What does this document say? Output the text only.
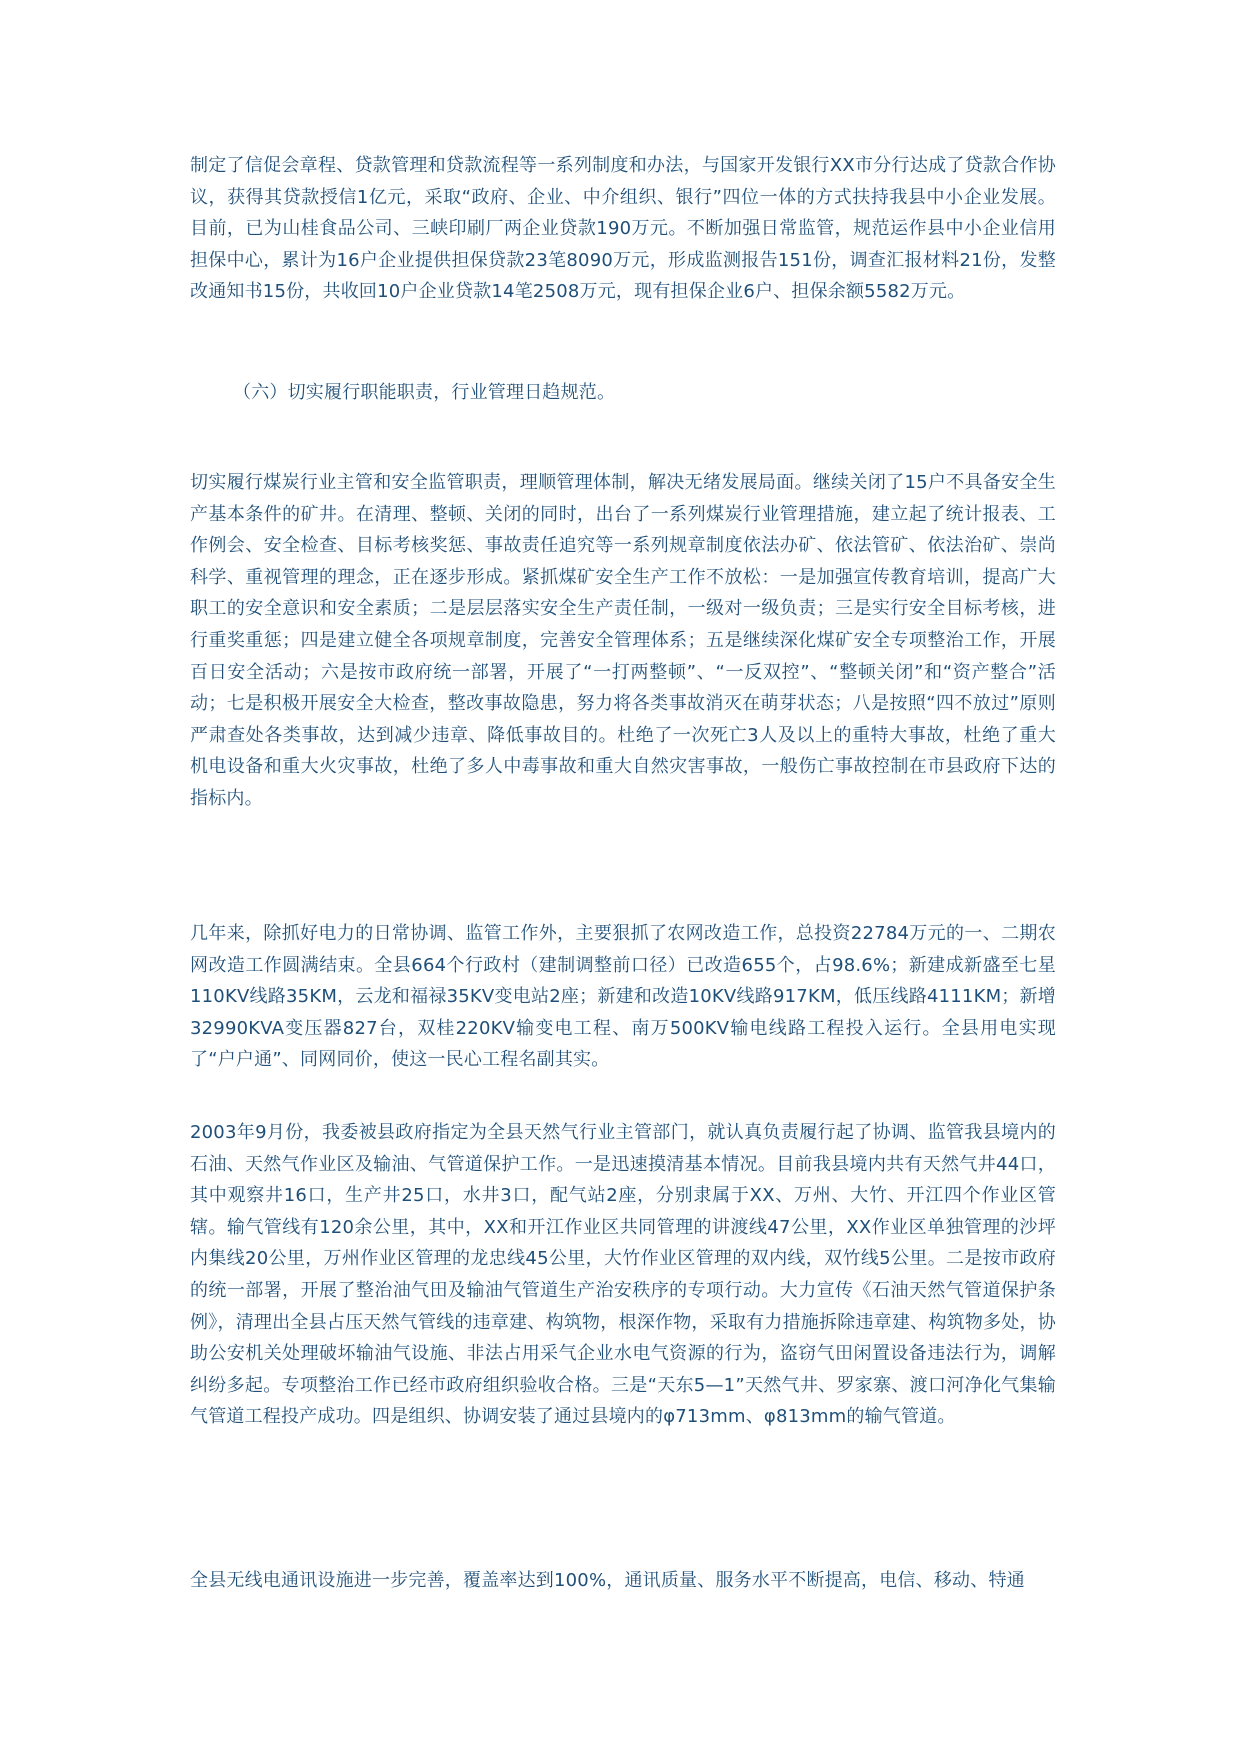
制定了信促会章程、贷款管理和贷款流程等一系列制度和办法，与国家开发银行XX市分行达成了贷款合作协议，获得其贷款授信1亿元，采取“政府、企业、中介组织、银行”四位一体的方式扶持我县中小企业发展。目前，已为山桂食品公司、三峡印刷厂两企业贷款190万元。不断加强日常监管，规范运作县中小企业信用担保中心，累计为16户企业提供担保贷款23笔8090万元，形成监测报告151份，调查汇报材料21份，发整改通知书15份，共收回10户企业贷款14笔2508万元，现有担保企业6户、担保余额5582万元。

（六）切实履行职能职责，行业管理日趋规范。

切实履行煤炭行业主管和安全监管职责，理顺管理体制，解决无绪发展局面。继续关闭了15户不具备安全生产基本条件的矿井。在清理、整顿、关闭的同时，出台了一系列煤炭行业管理措施，建立起了统计报表、工作例会、安全检查、目标考核奖惩、事故责任追究等一系列规章制度依法办矿、依法管矿、依法治矿、崇尚科学、重视管理的理念，正在逐步形成。紧抓煤矿安全生产工作不放松：一是加强宣传教育培训，提高广大职工的安全意识和安全素质；二是层层落实安全生产责任制，一级对一级负责；三是实行安全目标考核，进行重奖重惩；四是建立健全各项规章制度，完善安全管理体系；五是继续深化煤矿安全专项整治工作，开展百日安全活动；六是按市政府统一部署，开展了“一打两整顿”、“一反双控”、“整顿关闭”和“资产整合”活动；七是积极开展安全大检查，整改事故隐患，努力将各类事故消灭在萌芽状态；八是按照“四不放过”原则严肃查处各类事故，达到减少违章、降低事故目的。杜绝了一次死亡3人及以上的重特大事故，杜绝了重大机电设备和重大火灾事故，杜绝了多人中毒事故和重大自然灾害事故，一般伤亡事故控制在市县政府下达的指标内。

几年来，除抓好电力的日常协调、监管工作外，主要狠抓了农网改造工作，总投资22784万元的一、二期农网改造工作圆满结束。全县664个行政村（建制调整前口径）已改造655个，占98.6%；新建成新盛至七星110KV线路35KM，云龙和福禄35KV变电站2座；新建和改造10KV线路917KM，低压线路4111KM；新增32990KVA变压器827台，双桂220KV输变电工程、南万500KV输电线路工程投入运行。全县用电实现了“户户通”、同网同价，使这一民心工程名副其实。

2003年9月份，我委被县政府指定为全县天然气行业主管部门，就认真负责履行起了协调、监管我县境内的石油、天然气作业区及输油、气管道保护工作。一是迅速摸清基本情况。目前我县境内共有天然气井44口，其中观察井16口，生产井25口，水井3口，配气站2座，分别隶属于XX、万州、大竹、开江四个作业区管辖。输气管线有120余公里，其中，XX和开江作业区共同管理的讲渡线47公里，XX作业区单独管理的沙坪内集线20公里，万州作业区管理的龙忠线45公里，大竹作业区管理的双内线，双竹线5公里。二是按市政府的统一部署，开展了整治油气田及输油气管道生产治安秩序的专项行动。大力宣传《石油天然气管道保护条例》，清理出全县占压天然气管线的违章建、构筑物，根深作物，采取有力措施拆除违章建、构筑物多处，协助公安机关处理破坏输油气设施、非法占用采气企业水电气资源的行为，盗窃气田闲置设备违法行为，调解纠纷多起。专项整治工作已经市政府组织验收合格。三是“天东5—1”天然气井、罗家寨、渡口河净化气集输气管道工程投产成功。四是组织、协调安装了通过县境内的φ713mm、φ813mm的输气管道。

全县无线电通讯设施进一步完善，覆盖率达到100%，通讯质量、服务水平不断提高，电信、移动、特通
